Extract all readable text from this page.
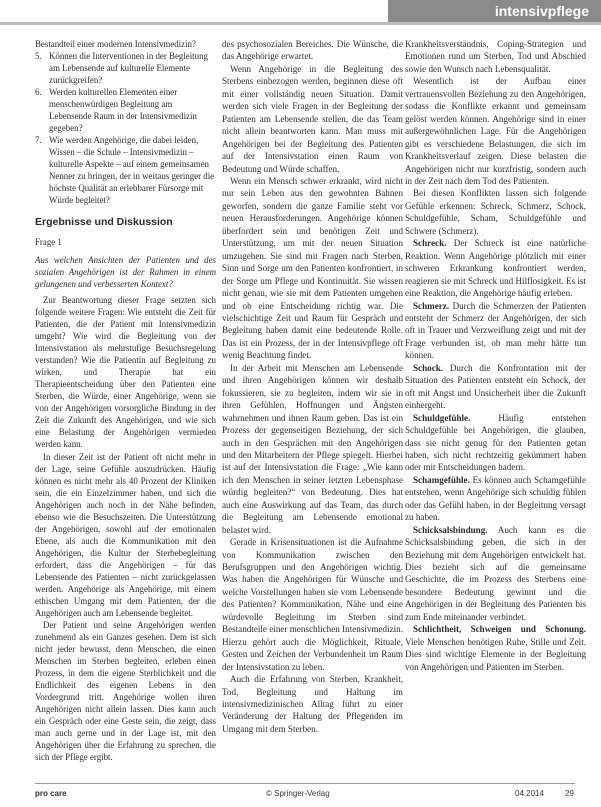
intensivpflege

Bestandteil einer modernen Intensivmedizin?

5. Können die Interventionen in der Begleitung am Lebensende auf kulturelle Elemente zurückgreifen?
6. Werden kulturellen Elementen einer menschenwürdigen Begleitung am Lebensende Raum in der Intensivmedizin gegeben?
7. Wie werden Angehörige, die dabei leiden, Wissen – die Schule – Intensivmedizin – kulturelle Aspekte – auf einem gemeinsamen Nenner zu bringen, der in weitaus geringer die höchste Qualität an erlebbarer Fürsorge mit Würde begleitet?
Ergebnisse und Diskussion

Frage 1

Aus welchen Ansichten der Patienten und des sozialen Angehörigen ist der Rahmen in einem gelungenen und verbesserten Kontext?

Zur Beantwortung dieser Frage setzten sich folgende weitere Fragen: Wie entsteht die Zeit für Patienten, die der Patient mit Intensivmedizin umgeht? Wie wird die Begleitung von der Intensivstation als mehrstufige Besuchsregelung verstanden? Wie die Patientin auf Begleitung zu wirken, und Therapie hat ein Therapieentscheidung über den Patienten eine Sterben, die Würde, einer Angehörige, wenn sie von der Angehörigen vorsorgliche Bindung in der Zeit die Zukunft des Angehörigen, und wie sich eine Belastung der Angehörigen vermieden werden kann.

In dieser Zeit ist der Patient oft nicht mehr in der Lage, seine Gefühle auszudrücken. Häufig können es nicht mehr als 40 Prozent der Kliniken sein, die ein Einzelzimmer haben, und sich die Angehörigen auch noch in der Nähe befinden, ebenso wie die Besuchszeiten. Die Unterstützung der Angehörigen, sowohl auf der emotionalen Ebene, als auch die Kommunikation mit den Angehörigen, die Kultur der Sterbebegleitung erfordert, dass die Angehörigen – für das Lebensende des Patienten – nicht zurückgelassen werden. Angehörige als Angehörige, mit einem ethischen Umgang mit dem Patienten, der die Angehörigen auch am Lebensende begleitet.

Der Patient und seine Angehörigen werden zunehmend als ein Ganzes gesehen. Dem ist sich nicht jeder bewusst, denn Menschen, die einen Menschen im Sterben begleiten, erleben einen Prozess, in dem die eigene Sterblichkeit und die Endlichkeit des eigenen Lebens in den Vordergrund tritt. Angehörige wollen ihren Angehörigen nicht allein lassen. Dies kann auch ein Gespräch oder eine Geste sein, die zeigt, dass man auch gerne und in der Lage ist, mit den Angehörigen über die Erfahrung zu sprechen, die sich der Pflege ergibt.

des psychosozialen Bereiches. Die Wünsche, die das Angehörige erwartet.

Wenn Angehörige in die Begleitung des Sterbens einbezogen werden, beginnen diese oft mit einer vollständig neuen Situation. Damit werden sich viele Fragen in der Begleitung der Patienten am Lebensende stellen, die das Team nicht allein beantworten kann. Man muss mit Angehörigen bei der Begleitung des Patienten auf der Intensivstation einen Raum von Bedeutung und Würde schaffen.

Wenn ein Mensch schwer erkrankt, wird nicht nur sein Leben aus den gewohnten Bahnen geworfen, sondern die ganze Familie steht vor neuen Herausforderungen. Angehörige können überfordert sein und benötigen Zeit und Unterstützung, um mit der neuen Situation umzugehen. Sie sind mit Fragen nach Sterben, Sinn und Sorge um den Patienten konfrontiert, in der Sorge um Pflege und Kontinuität. Sie wissen nicht genau, wie sie mit dem Patienten umgehen und ob eine Entscheidung richtig war. Die vielschichtige Zeit und Raum für Gespräch und Begleitung haben damit eine bedeutende Rolle. Das ist ein Prozess, der in der Intensivpflege oft wenig Beachtung findet.

In der Arbeit mit Menschen am Lebensende und ihren Angehörigen können wir deshalb fokussieren, sie zu begleiten, indem wir sie in ihren Gefühlen, Hoffnungen und Ängsten wahrnehmen und ihnen Raum geben. Das ist ein Prozess der gegenseitigen Beziehung, der sich auch in den Gesprächen mit den Angehörigen und den Mitarbeitern der Pflege spiegelt. Hierbei ist auf der Intensivstation die Frage: „Wie kann ich den Menschen in seiner letzten Lebensphase würdig begleiten?“ von Bedeutung. Dies hat auch eine Auswirkung auf das Team, das durch die Begleitung am Lebensende emotional belastet wird.

Gerade in Krisensituationen ist die Aufnahme von Kommunikation zwischen den Berufsgruppen und den Angehörigen wichtig. Was haben die Angehörigen für Wünsche und welche Vorstellungen haben sie vom Lebensende des Patienten? Kommunikation, Nähe und eine würdevolle Begleitung im Sterben sind Bestandteile einer menschlichen Intensivmedizin. Hierzu gehört auch die Möglichkeit, Rituale, Gesten und Zeichen der Verbundenheit im Raum der Intensivstation zu leben.

Auch die Erfahrung von Sterben, Krankheit, Tod, Begleitung und Haltung im intensivmedizinischen Alltag führt zu einer Veränderung der Haltung der Pflegenden im Umgang mit dem Sterben.

Krankheitsverständnis, Coping-Strategien und Emotionen rund um Sterben, Tod und Abschied sowie den Wunsch nach Lebensqualität.

Wesentlich ist der Aufbau einer vertrauensvollen Beziehung zu den Angehörigen, sodass die Konflikte erkannt und gemeinsam gelöst werden können. Angehörige sind in einer außergewöhnlichen Lage. Für die Angehörigen gibt es verschiedene Belastungen, die sich im Krankheitsverlauf zeigen. Diese belasten die Angehörigen nicht nur kurzfristig, sondern auch in der Zeit nach dem Tod des Patienten.

Bei diesen Konflikten lassen sich folgende Gefühle erkennen: Schreck, Schmerz, Schock, Schuldgefühle, Scham, Schuldgefühle und Schwere (Schmerz).

Schreck. Der Schreck ist eine natürliche Reaktion. Wenn Angehörige plötzlich mit einer schweren Erkrankung konfrontiert werden, reagieren sie mit Schreck und Hilflosigkeit. Es ist eine Reaktion, die Angehörige häufig erleben.

Schmerz. Durch die Schmerzen der Patienten entsteht der Schmerz der Angehörigen, der sich oft in Trauer und Verzweiflung zeigt und mit der Frage verbunden ist, ob man mehr hätte tun können.

Schock. Durch die Konfrontation mit der Situation des Patienten entsteht ein Schock, der oft mit Angst und Unsicherheit über die Zukunft einhergeht.

Schuldgefühle.	Häufig entstehen Schuldgefühle bei Angehörigen, die glauben, dass sie nicht genug für den Patienten getan haben, sich nicht rechtzeitig gekümmert haben oder mit Entscheidungen hadern.

Schamgefühle. Es können auch Schamgefühle entstehen, wenn Angehörige sich schuldig fühlen oder das Gefühl haben, in der Begleitung versagt zu haben.

Schicksalsbindung. Auch kann es die Schicksalsbindung geben, die sich in der Beziehung mit dem Angehörigen entwickelt hat. Dies bezieht sich auf die gemeinsame Geschichte, die im Prozess des Sterbens eine besondere Bedeutung gewinnt und die Angehörigen in der Begleitung des Patienten bis zum Ende miteinander verbindet.

Schlichtheit, Schweigen und Schonung. Viele Menschen benötigen Ruhe, Stille und Zeit. Dies sind wichtige Elemente in der Begleitung von Angehörigen und Patienten im Sterben.

pro care	© Springer-Verlag	04.2014	29
